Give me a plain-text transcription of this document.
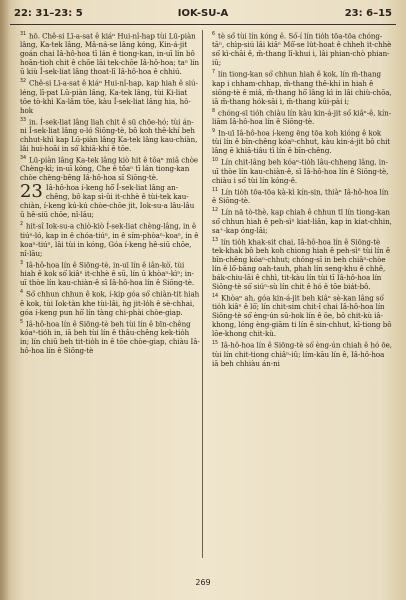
22: 31–23: 5	IOK-SU-A	23: 6–15

$^{31}$ hō. Chê-si Lī-a-sat ê kiáⁿ Hui-nî-hap tùi Lū-piàn lâng, Ka-tek lâng, Mâ-ná-se lâng kóng, Kin-á-jit goán chai Iâ-hô-hoa tī lán ê tiong-kan, in-uī lín bô hoān-tioh chit ê chōe lâi tek-chōe Iâ-hô-hoa; taⁿ lín ū kiù Í-sek-liat lâng thoat-lī Iâ-hô-hoa ê chhiú.

$^{32}$ Chê-si Lī-a-sat ê kiáⁿ Hui-nî-hap, kap hiah ê siú-léng, lī-pat Lū-piàn lâng, Ka-tek lâng, tùi Ki-liat tōe tò-khì Ka-lâm tōe, kàu Í-sek-liat lâng hia, hô-hok

$^{33}$ in. Í-sek-liat lâng liah chit ê sū chōe-hó; tùi án-ni Í-sek-liat lâng o-ló Siōng-tè, bô koh thê-khí beh chhut-khì kap Lū-piàn lâng Ka-tek lâng kau-chiàn, lâi hui-hoāi in só͘ khiā-khí ê tōe.

$^{34}$ Lū-piàn lâng Ka-tek lâng kiò hit ê tôaⁿ miâ chòe Chèng-kì; in-uī kóng, Che ê tôaⁿ tī lán tiong-kan chòe chèng-bêng Iâ-hô-hoa sī Siōng-tè.

23 Iâ-hô-hoa í-keng hō͘ Í-sek-liat lâng an-chêng, bô kap sì-ûi it-chhè ê tùi-tek kau-chiàn, í-keng kú-kú chòe-chōe jit, Iok-su-a lâu-lâu ū hê-siū chōe, nî-lāu;

$^2$ hit-sî Iok-su-a chiò-kiò Í-sek-liat chèng-lâng, in ê tiúⁿ-ló, kap in ê chóa-tiúⁿ, in ê sím-phòaⁿ-koaⁿ, in ê koaⁿ-tiúⁿ, lâi tùi in kóng, Góa í-keng hê-siū chōe, nî-lāu;

$^3$ Iâ-hô-hoa lín ê Siōng-tè, in-uī lín ê iân-kò͘, tùi hiah ê kok só͘ kiâⁿ it-chhè ê sū, lín ū khòaⁿ-kìⁿ; in-uī thòe lín kau-chiàn-ê sī Iâ-hô-hoa lín ê Siōng-tè.

$^4$ Só͘ chhun chhun ê kok, í-kip góa só͘ chiàn-tit hiah ê kok, tùi Iok-tàn khe tùi-lâi, ǹg jit-lo̍h ê sè-chhai, góa í-keng pun hō͘ lín tàng chi-phài chòe-giap.

$^5$ Iâ-hô-hoa lín ê Siōng-tè beh tùi lín ê bīn-chêng kóaⁿ-tio̍h in, iā beh tùi lín ê thâu-chêng kek-tio̍h in; lín chiū beh tit-tio̍h in ê tōe chòe-giap, chiàu Iâ-hô-hoa lín ê Siōng-tè

$^6$ tè só͘ tùi lín kóng ê. Só͘-í lín tio̍h tōa-tōa chóng-tāⁿ, chìp-siú lâi kiâⁿ Mô͘-se lu̍t-hoat ê chheh it-chhè só͘ kì-chāi ê, m̄-thang lī-khui i, lâi phian-chò phian-iū;

$^7$ lín tiong-kan só͘ chhun hiah ê kok, lín m̄-thang kap i chham-chhap, m̄-thang thê-khí in hiah ê siōng-tè ê miâ, m̄-thang hō͘ lâng kì in lâi chiù-chōa, iā m̄-thang hók-sāi i, m̄-thang kūi-pài i;

$^8$ chóng-sī tio̍h chiàu lín kàu kin-á-jit só͘ kiâⁿ-ê, kín-liām Iâ-hô-hoa lín ê Siōng-tè.

$^9$ In-uī Iâ-hô-hoa í-keng ēng tōa koh kióng ê kok tùi lín ê bīn-chêng kóaⁿ-chhut, kàu kin-á-jit bô chit lâng ē khiā-tiâu tī lín ê bīn-chêng.

$^{10}$ Lín chit-lâng beh kóaⁿ-tio̍h lâu-chheng lâng, in-uī thòe lín kau-chiàn-ê, sī Iâ-hô-hoa lín ê Siōng-tè, chiàu i só͘ tùi lín kóng-ê.

$^{11}$ Lín tio̍h tōa-tōa kà-kì kín-sin, thiàⁿ Iâ-hô-hoa lín ê Siōng-tè.

$^{12}$ Lín nā tò-thè, kap chiah ê chhun tī lín tiong-kan só͘ chhun hiah ê peh-sìⁿ kiat-liân, kap in kiat-chhin, sa⁺-kap óng-lâi;

$^{13}$ lín tio̍h khak-sit chai, Iâ-hô-hoa lín ê Siōng-tè tek-khak bô beh koh chiong hiah ê peh-sìⁿ tùi lín ê bīn-chêng kóaⁿ-chhut; chóng-sī in beh chiâⁿ-chòe lín ê lô͘-bāng oah-tauh, phah lín seng-khu ê chhê, bák-chiu-lāi ê chhì, tit-kàu lín tùi tī Iâ-hô-hoa lín Siōng-tè só͘ siúⁿ-sù lín chit ê hó ê tōe bia̍t-bô.

$^{14}$ Khòaⁿ ah, góa kin-á-jit beh kiâⁿ sè-kan lâng só͘ tio̍h kiâⁿ ê lō͘; lín chit-sim chit-î chai Iâ-hô-hoa lín Siōng-tè só͘ èng-ún sū-hok lín ê ōe, bô chit-kù iâ-khong, lóng èng-giām ti lín ê sin-chhut, kī-tiong bô lōe-khong chit-kù.

$^{15}$ Iâ-hô-hoa lín ê Siōng-tè só͘ èng-ún chiah ê hó ōe, tùi lín chit-tiong chiâⁿ-iû; lím-kāu lín ê, Iâ-hô-hoa iā beh chhiàu án-ni

269
